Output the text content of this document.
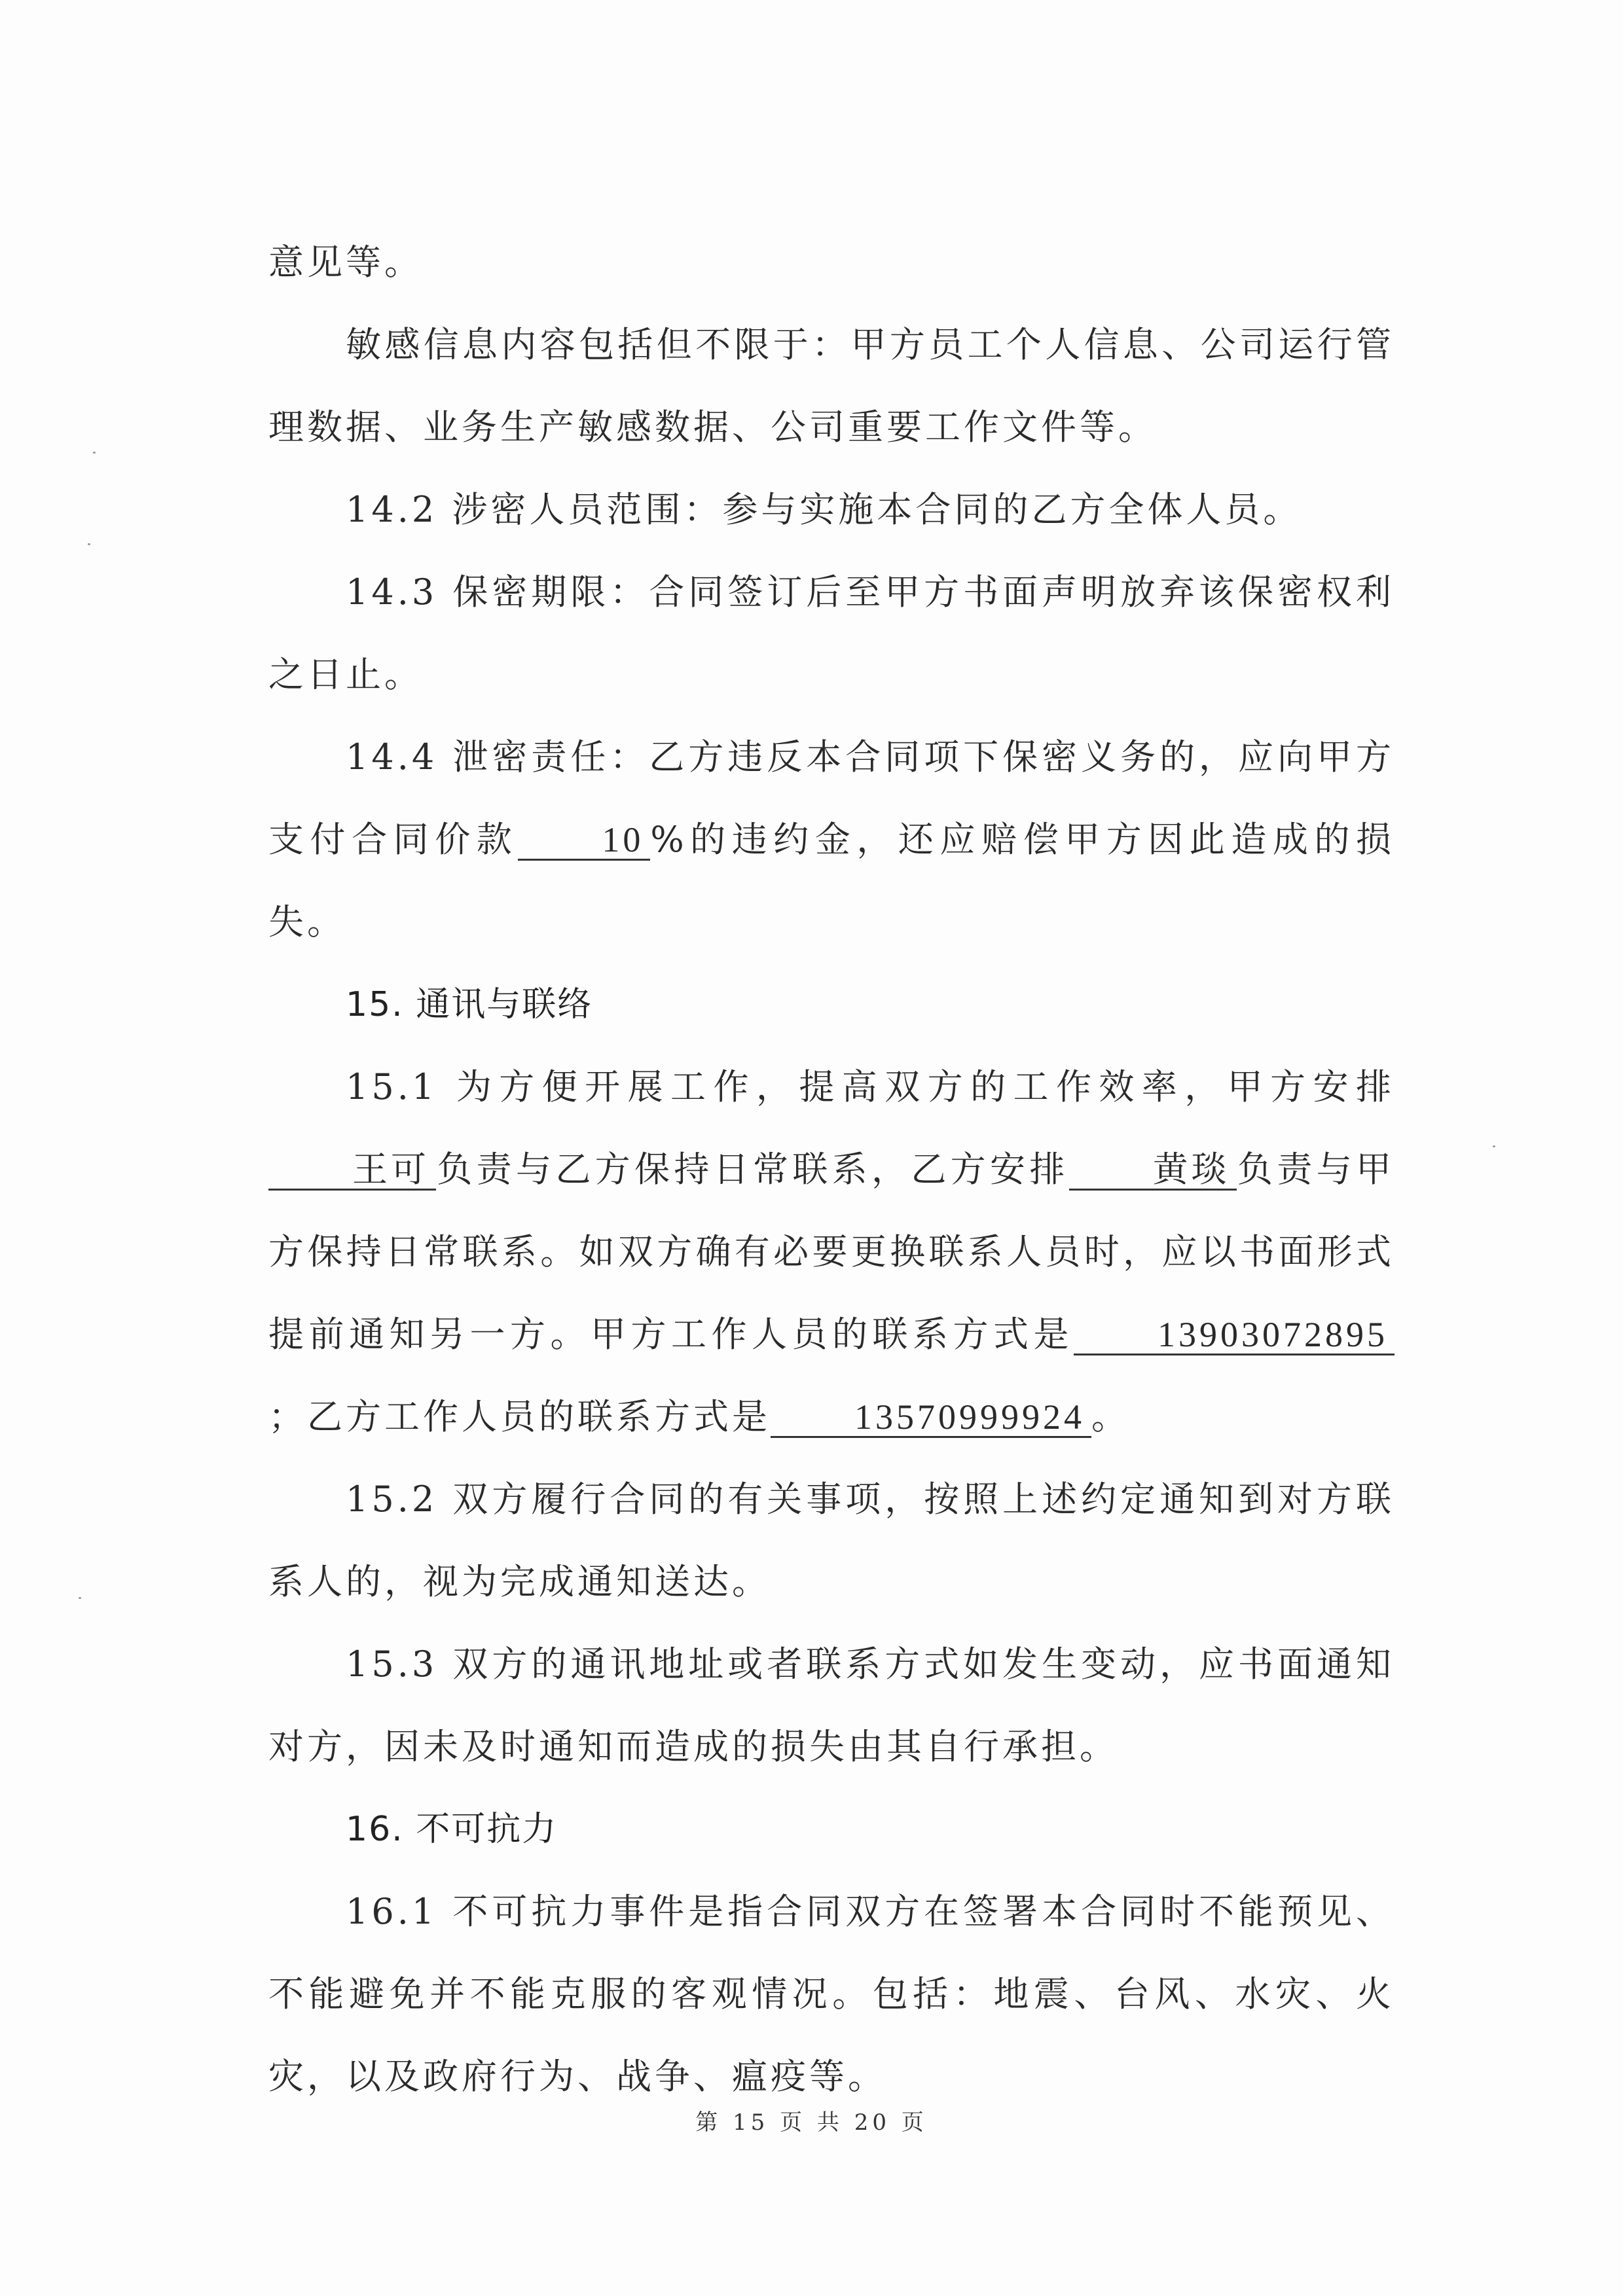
意见等。

敏感信息内容包括但不限于：甲方员工个人信息、公司运行管理数据、业务生产敏感数据、公司重要工作文件等。

14.2 涉密人员范围：参与实施本合同的乙方全体人员。

14.3 保密期限：合同签订后至甲方书面声明放弃该保密权利之日止。

14.4 泄密责任：乙方违反本合同项下保密义务的，应向甲方支付合同价款 10 %的违约金，还应赔偿甲方因此造成的损失。

15. 通讯与联络

15.1 为方便开展工作，提高双方的工作效率，甲方安排王可 负责与乙方保持日常联系，乙方安排 黄琰 负责与甲方保持日常联系。如双方确有必要更换联系人员时，应以书面形式提前通知另一方。甲方工作人员的联系方式是 13903072895；乙方工作人员的联系方式是 13570999924 。

15.2 双方履行合同的有关事项，按照上述约定通知到对方联系人的，视为完成通知送达。

15.3 双方的通讯地址或者联系方式如发生变动，应书面通知对方，因未及时通知而造成的损失由其自行承担。

16. 不可抗力

16.1 不可抗力事件是指合同双方在签署本合同时不能预见、不能避免并不能克服的客观情况。包括：地震、台风、水灾、火灾，以及政府行为、战争、瘟疫等。

第 15 页 共 20 页
